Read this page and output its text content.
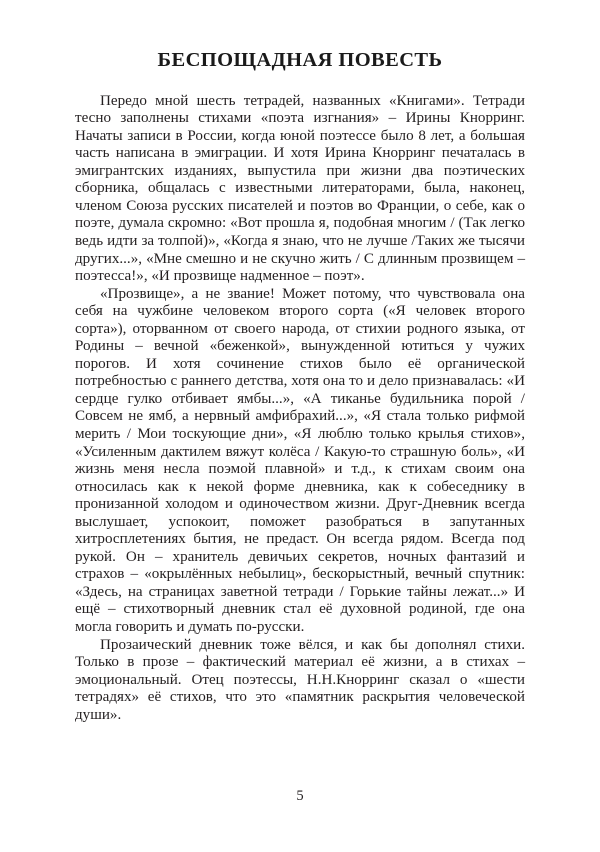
БЕСПОЩАДНАЯ ПОВЕСТЬ

Передо мной шесть тетрадей, названных «Книгами». Тетради тесно заполнены стихами «поэта изгнания» – Ирины Кнорринг. Начаты записи в России, когда юной поэтессе было 8 лет, а большая часть написана в эмиграции. И хотя Ирина Кнорринг печаталась в эмигрантских изданиях, выпустила при жизни два поэтических сборника, общалась с известными литераторами, была, наконец, членом Союза русских писателей и поэтов во Франции, о себе, как о поэте, думала скромно: «Вот прошла я, подобная многим / (Так легко ведь идти за толпой)», «Когда я знаю, что не лучше /Таких же тысячи других...», «Мне смешно и не скучно жить / С длинным прозвищем – поэтесса!», «И прозвище надменное – поэт».

«Прозвище», а не звание! Может потому, что чувствовала она себя на чужбине человеком второго сорта («Я человек второго сорта»), оторванном от своего народа, от стихии родного языка, от Родины – вечной «беженкой», вынужденной ютиться у чужих порогов. И хотя сочинение стихов было её органической потребностью с раннего детства, хотя она то и дело признавалась: «И сердце гулко отбивает ямбы...», «А тиканье будильника порой / Совсем не ямб, а нервный амфибрахий...», «Я стала только рифмой мерить / Мои тоскующие дни», «Я люблю только крылья стихов», «Усиленным дактилем вяжут колёса / Какую-то страшную боль», «И жизнь меня несла поэмой плавной» и т.д., к стихам своим она относилась как к некой форме дневника, как к собеседнику в пронизанной холодом и одиночеством жизни. Друг-Дневник всегда выслушает, успокоит, поможет разобраться в запутанных хитросплетениях бытия, не предаст. Он всегда рядом. Всегда под рукой. Он – хранитель девичьих секретов, ночных фантазий и страхов – «окрылённых небылиц», бескорыстный, вечный спутник: «Здесь, на страницах заветной тетради / Горькие тайны лежат...» И ещё – стихотворный дневник стал её духовной родиной, где она могла говорить и думать по-русски.

Прозаический дневник тоже вёлся, и как бы дополнял стихи. Только в прозе – фактический материал её жизни, а в стихах – эмоциональный. Отец поэтессы, Н.Н.Кнорринг сказал о «шести тетрадях» её стихов, что это «памятник раскрытия человеческой души».

5
